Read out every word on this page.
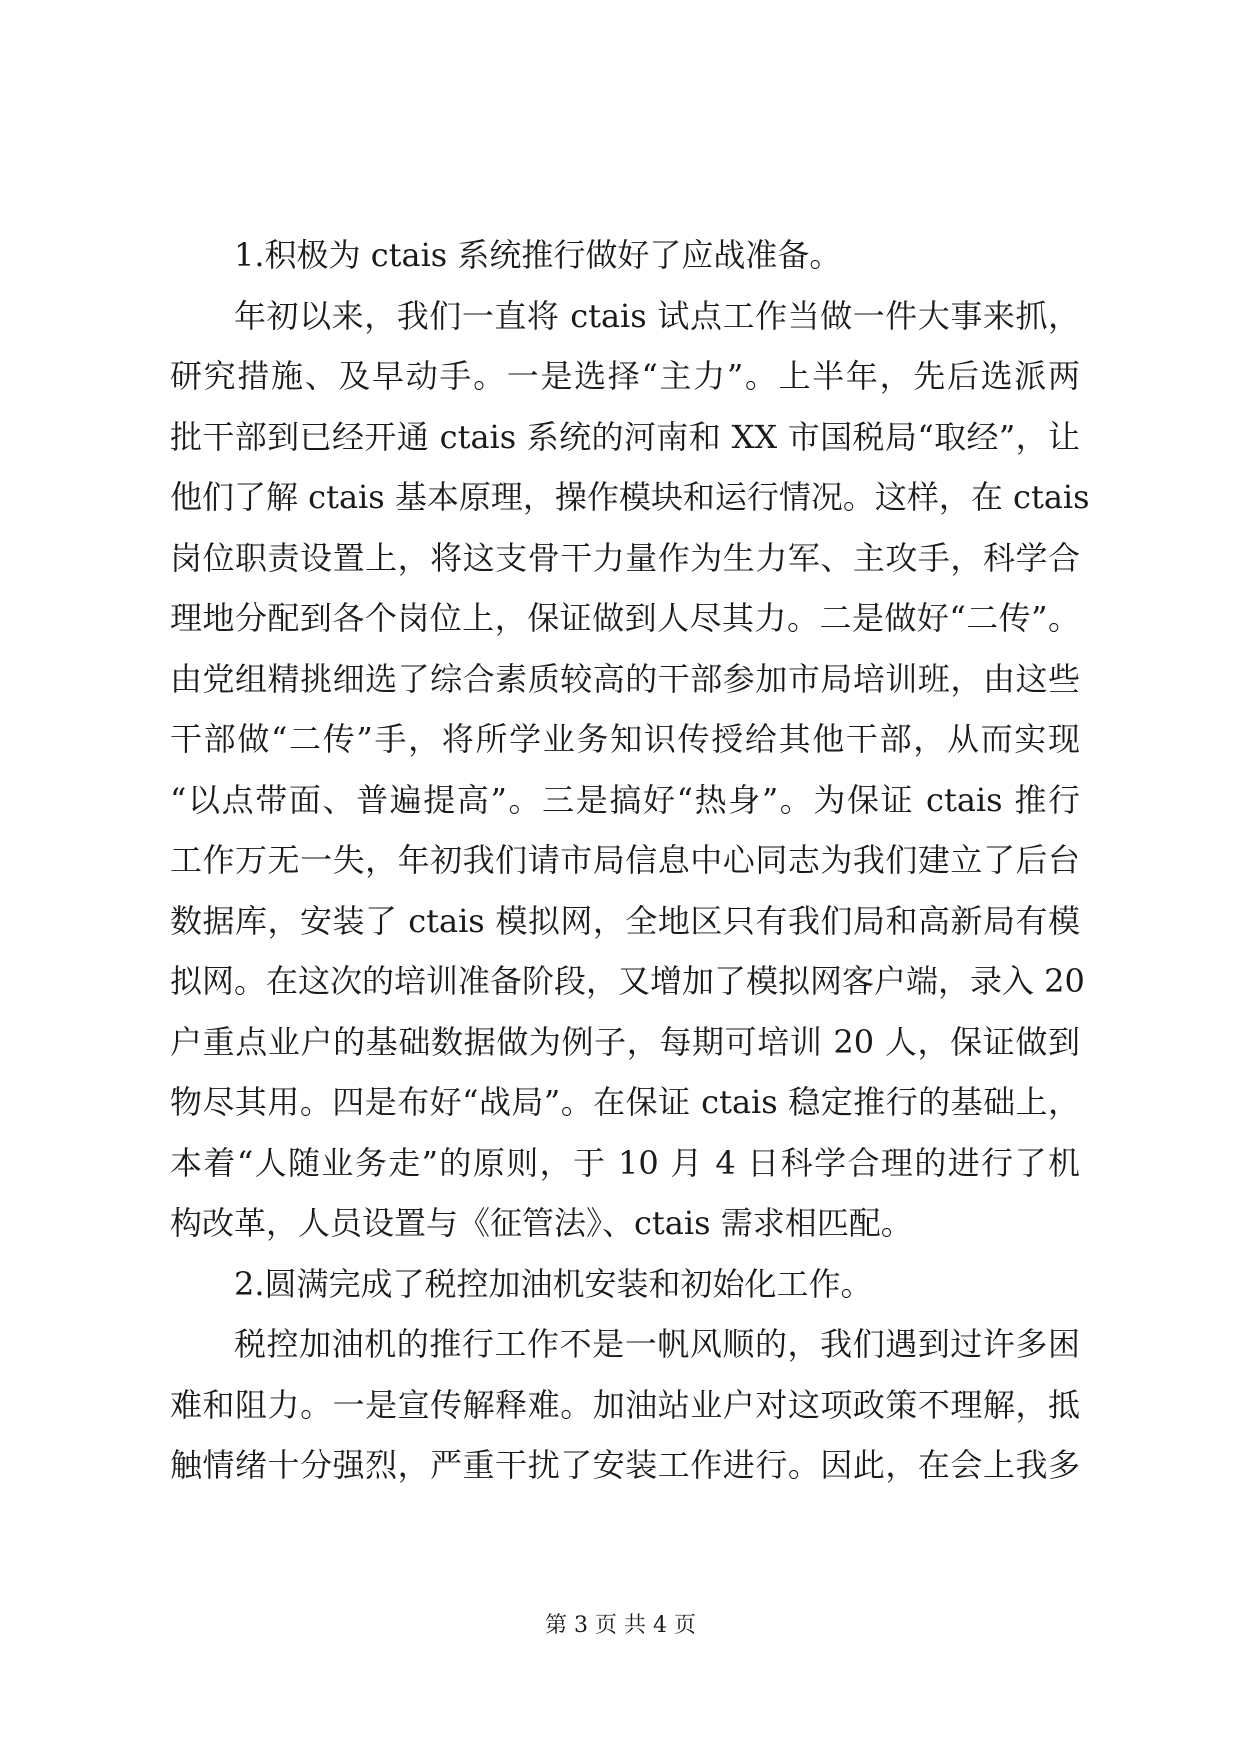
1.积极为 ctais 系统推行做好了应战准备。
年初以来，我们一直将 ctais 试点工作当做一件大事来抓，
研究措施、及早动手。一是选择“主力”。上半年，先后选派两
批干部到已经开通 ctais 系统的河南和 XX 市国税局“取经”，让
他们了解 ctais 基本原理，操作模块和运行情况。这样，在 ctais
岗位职责设置上，将这支骨干力量作为生力军、主攻手，科学合
理地分配到各个岗位上，保证做到人尽其力。二是做好“二传”。
由党组精挑细选了综合素质较高的干部参加市局培训班，由这些
干部做“二传”手，将所学业务知识传授给其他干部，从而实现
“以点带面、普遍提高”。三是搞好“热身”。为保证 ctais 推行
工作万无一失，年初我们请市局信息中心同志为我们建立了后台
数据库，安装了 ctais 模拟网，全地区只有我们局和高新局有模
拟网。在这次的培训准备阶段，又增加了模拟网客户端，录入 20
户重点业户的基础数据做为例子，每期可培训 20 人，保证做到
物尽其用。四是布好“战局”。在保证 ctais 稳定推行的基础上，
本着“人随业务走”的原则，于 10 月 4 日科学合理的进行了机
构改革，人员设置与《征管法》、ctais 需求相匹配。
2.圆满完成了税控加油机安装和初始化工作。
税控加油机的推行工作不是一帆风顺的，我们遇到过许多困
难和阻力。一是宣传解释难。加油站业户对这项政策不理解，抵
触情绪十分强烈，严重干扰了安装工作进行。因此，在会上我多
第 3 页 共 4 页
